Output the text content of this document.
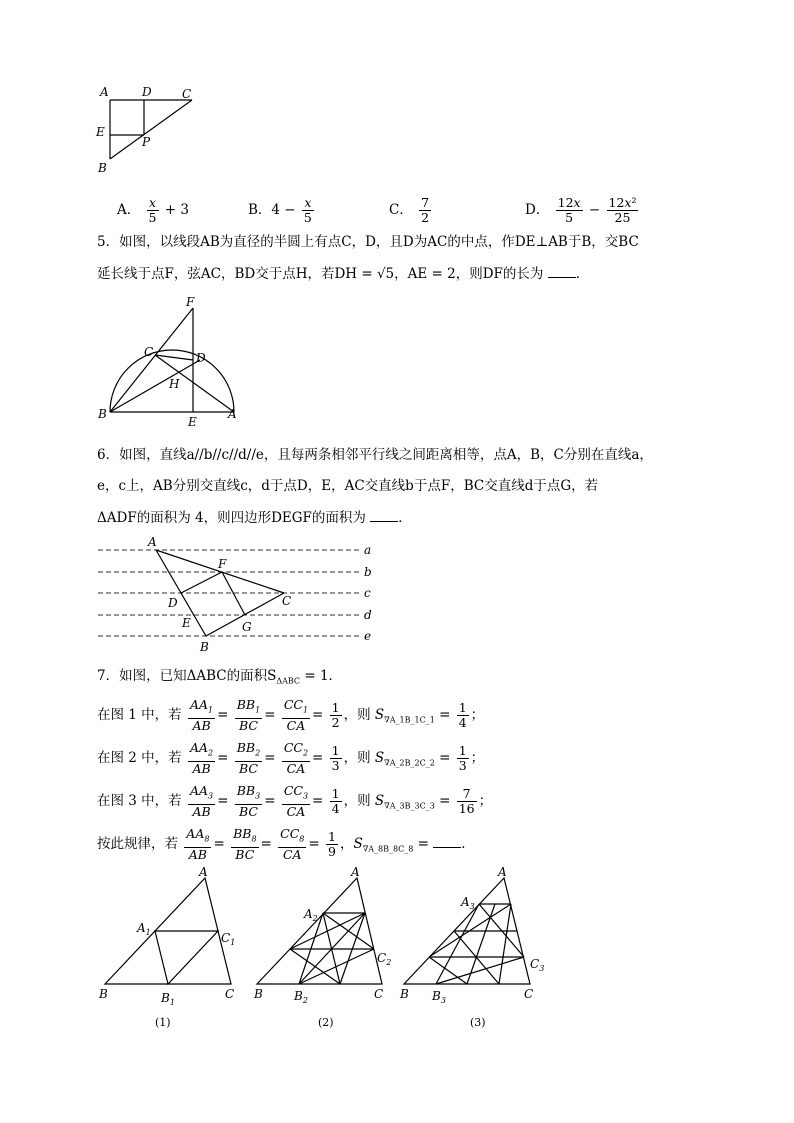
A	D	C
E
P
B
A． $\frac{x}{5} + 3$	B．$4 - \frac{x}{5}$	C． $\frac{7}{2}$	D． $\frac{12x}{5} - \frac{\text{12x²}}{25}$
5．如图，以线段AB为直径的半圆上有点C，D，且D为AC的中点，作DE⊥AB于B，交BC
延长线于点F，弦AC，BD交于点H，若DH = √5，AE = 2，则DF的长为 ．
F
C	D
H
B
E
A
6．如图，直线a//b//c//d//e，且每两条相邻平行线之间距离相等，点A，B，C分别在直线a，
e，c上，AB分别交直线c，d于点D，E，AC交直线b于点F，BC交直线d于点G，若
ΔADF的面积为 4，则四边形DEGF的面积为 ．
A
F
C
D
E	G
B
a
b
c
d
e
7．如图，已知ΔABC的面积$S_{\Delta ABC} = 1$．
在图 1 中，若 $\frac{AA_1}{AB} = \frac{BB_1}{BC} = \frac{CC_1}{CA} = \frac{1}{2}$ ，则 $S_{\nabla A\_1B\_1C\_1} = \frac{1}{4}$ ；
在图 2 中，若 $\frac{AA_2}{AB} = \frac{BB_2}{BC} = \frac{CC_2}{CA} = \frac{1}{3}$ ，则 $S_{\nabla A\_2B\_2C\_2} = \frac{1}{3}$ ；
在图 3 中，若 $\frac{AA_3}{AB} = \frac{BB_3}{BC} = \frac{CC_3}{CA} = \frac{1}{4}$ ，则 $S_{\nabla A\_3B\_3C\_3} = \frac{7}{16}$ ；
按此规律，若 $\frac{AA_8}{AB} = \frac{BB_8}{BC} = \frac{CC_8}{CA} = \frac{1}{9}$ ，$S_{\nabla A\_8B\_8C\_8}$ = ．
A
$A_1$	$C_1$
B	$B_1$
C
(1)
A
$A_2$
$C_2$
B	$B_2$	C
(2)
A
$A_3$
$C_3$
B $B_3$	C
(3)
